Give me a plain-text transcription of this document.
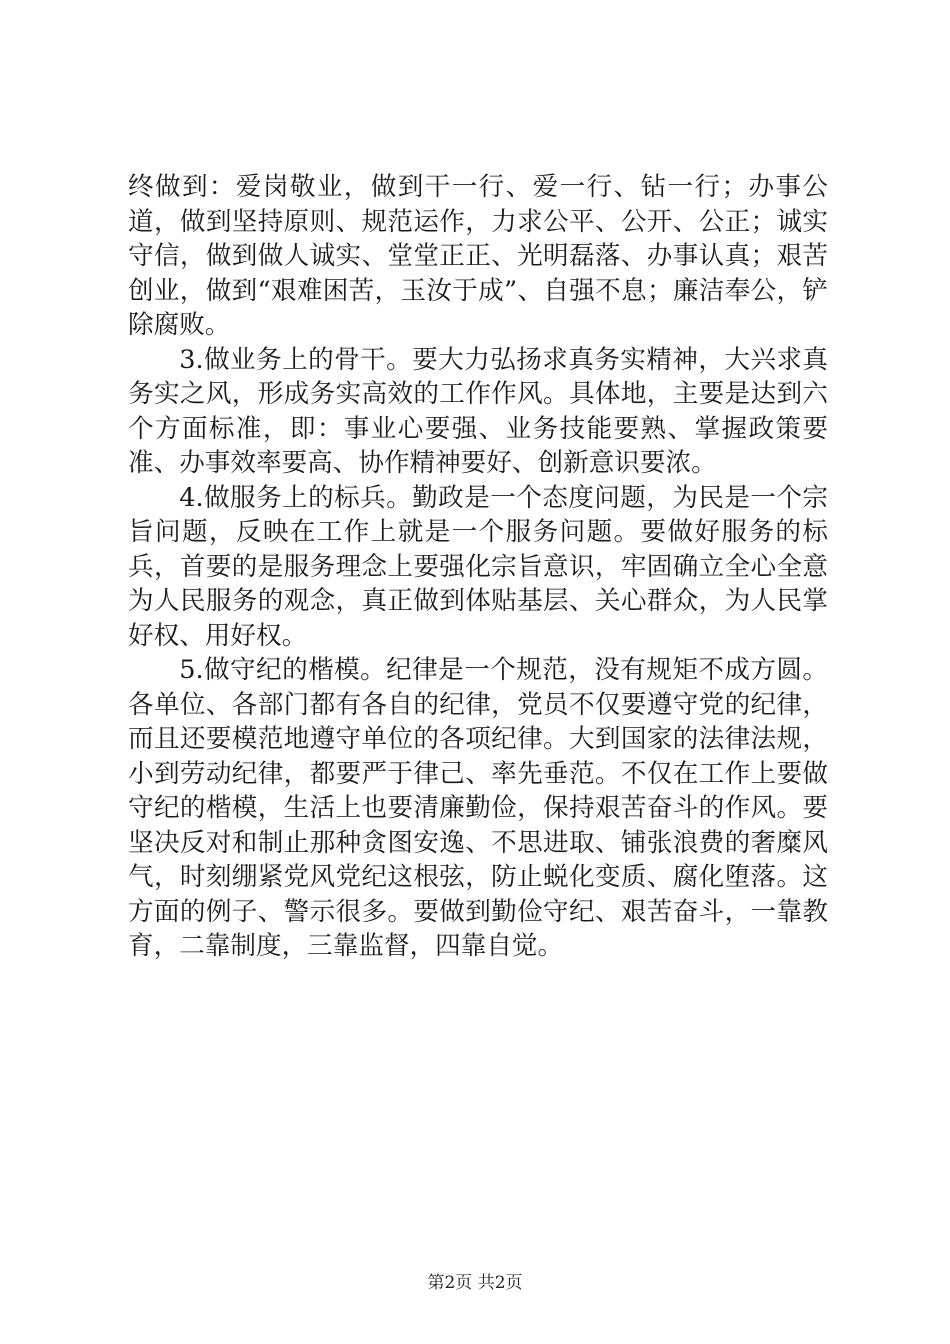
终做到：爱岗敬业，做到干一行、爱一行、钻一行；办事公道，做到坚持原则、规范运作，力求公平、公开、公正；诚实守信，做到做人诚实、堂堂正正、光明磊落、办事认真；艰苦创业，做到“艰难困苦，玉汝于成”、自强不息；廉洁奉公，铲除腐败。

3.做业务上的骨干。要大力弘扬求真务实精神，大兴求真务实之风，形成务实高效的工作作风。具体地，主要是达到六个方面标准，即：事业心要强、业务技能要熟、掌握政策要准、办事效率要高、协作精神要好、创新意识要浓。

4.做服务上的标兵。勤政是一个态度问题，为民是一个宗旨问题，反映在工作上就是一个服务问题。要做好服务的标兵，首要的是服务理念上要强化宗旨意识，牢固确立全心全意为人民服务的观念，真正做到体贴基层、关心群众，为人民掌好权、用好权。

5.做守纪的楷模。纪律是一个规范，没有规矩不成方圆。各单位、各部门都有各自的纪律，党员不仅要遵守党的纪律，而且还要模范地遵守单位的各项纪律。大到国家的法律法规，小到劳动纪律，都要严于律己、率先垂范。不仅在工作上要做守纪的楷模，生活上也要清廉勤俭，保持艰苦奋斗的作风。要坚决反对和制止那种贪图安逸、不思进取、铺张浪费的奢糜风气，时刻绷紧党风党纪这根弦，防止蜕化变质、腐化堕落。这方面的例子、警示很多。要做到勤俭守纪、艰苦奋斗，一靠教育，二靠制度，三靠监督，四靠自觉。

第2页 共2页
